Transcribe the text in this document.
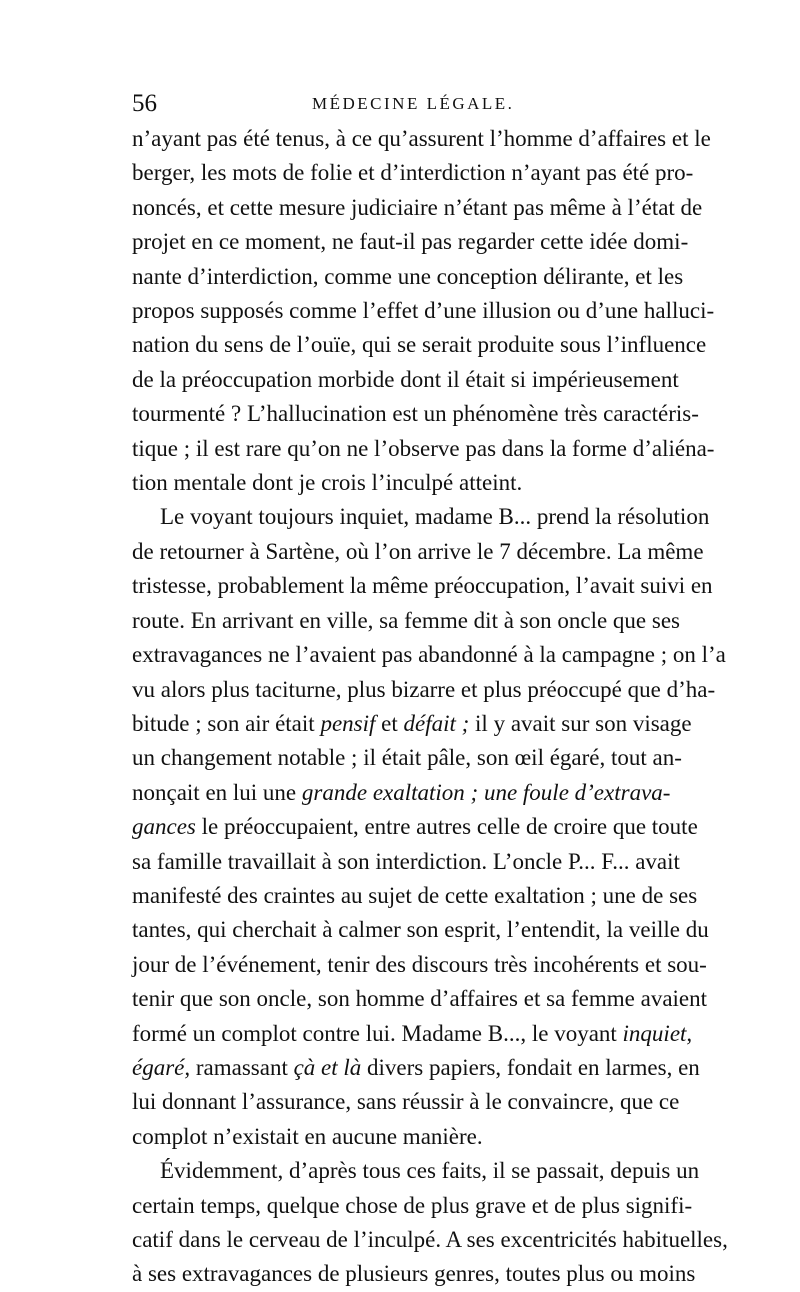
56	MÉDECINE LÉGALE.

n’ayant pas été tenus, à ce qu’assurent l’homme d’affaires et le
berger, les mots de folie et d’interdiction n’ayant pas été pro-
noncés, et cette mesure judiciaire n’étant pas même à l’état de
projet en ce moment, ne faut-il pas regarder cette idée domi-
nante d’interdiction, comme une conception délirante, et les
propos supposés comme l’effet d’une illusion ou d’une halluci-
nation du sens de l’ouïe, qui se serait produite sous l’influence
de la préoccupation morbide dont il était si impérieusement
tourmenté ? L’hallucination est un phénomène très caractéris-
tique ; il est rare qu’on ne l’observe pas dans la forme d’aliéna-
tion mentale dont je crois l’inculpé atteint.

Le voyant toujours inquiet, madame B... prend la résolution
de retourner à Sartène, où l’on arrive le 7 décembre. La même
tristesse, probablement la même préoccupation, l’avait suivi en
route. En arrivant en ville, sa femme dit à son oncle que ses
extravagances ne l’avaient pas abandonné à la campagne ; on l’a
vu alors plus taciturne, plus bizarre et plus préoccupé que d’ha-
bitude ; son air était pensif et défait ; il y avait sur son visage
un changement notable ; il était pâle, son œil égaré, tout an-
nonçait en lui une grande exaltation ; une foule d’extrava-
gances le préoccupaient, entre autres celle de croire que toute
sa famille travaillait à son interdiction. L’oncle P... F... avait
manifesté des craintes au sujet de cette exaltation ; une de ses
tantes, qui cherchait à calmer son esprit, l’entendit, la veille du
jour de l’événement, tenir des discours très incohérents et sou-
tenir que son oncle, son homme d’affaires et sa femme avaient
formé un complot contre lui. Madame B..., le voyant inquiet,
égaré, ramassant çà et là divers papiers, fondait en larmes, en
lui donnant l’assurance, sans réussir à le convaincre, que ce
complot n’existait en aucune manière.

Évidemment, d’après tous ces faits, il se passait, depuis un
certain temps, quelque chose de plus grave et de plus signifi-
catif dans le cerveau de l’inculpé. A ses excentricités habituelles,
à ses extravagances de plusieurs genres, toutes plus ou moins
